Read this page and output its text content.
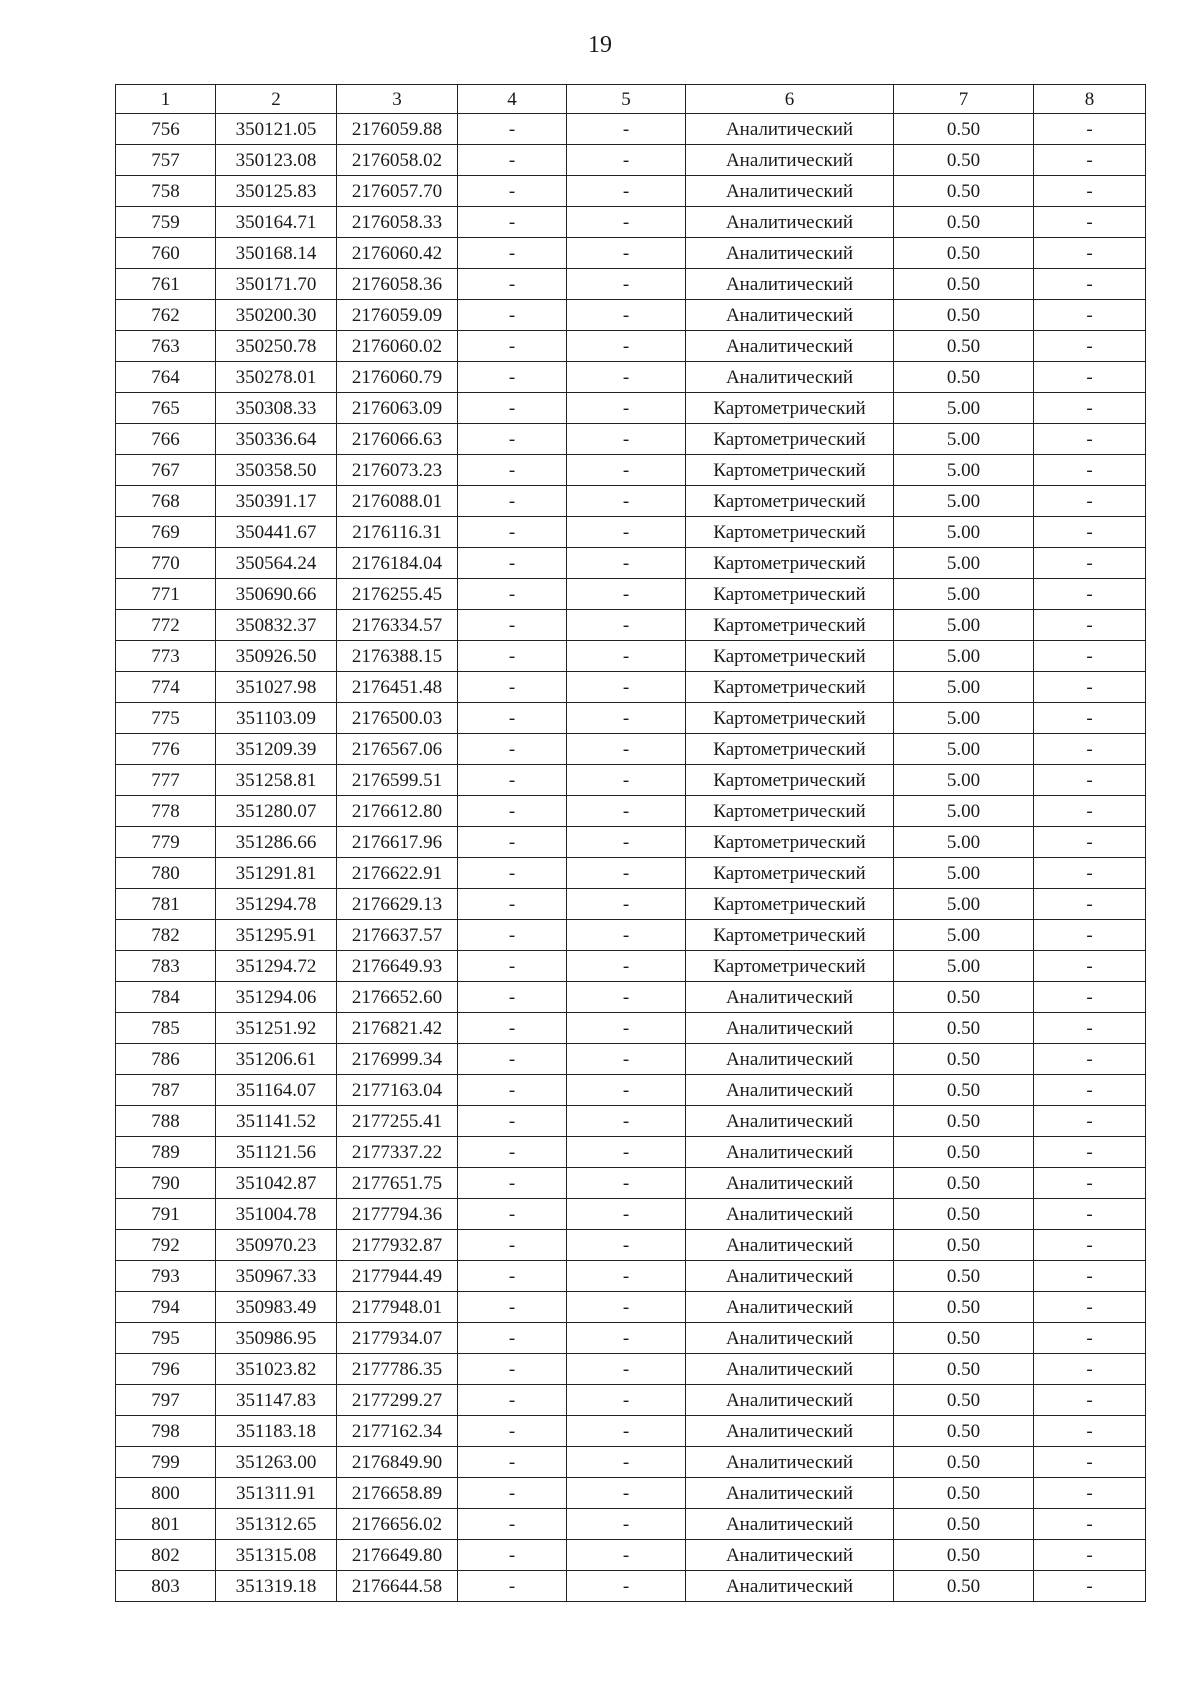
19
1	2	3	4	5	6	7	8
756	350121.05	2176059.88	-	-	Аналитический	0.50	-
757	350123.08	2176058.02	-	-	Аналитический	0.50	-
758	350125.83	2176057.70	-	-	Аналитический	0.50	-
759	350164.71	2176058.33	-	-	Аналитический	0.50	-
760	350168.14	2176060.42	-	-	Аналитический	0.50	-
761	350171.70	2176058.36	-	-	Аналитический	0.50	-
762	350200.30	2176059.09	-	-	Аналитический	0.50	-
763	350250.78	2176060.02	-	-	Аналитический	0.50	-
764	350278.01	2176060.79	-	-	Аналитический	0.50	-
765	350308.33	2176063.09	-	-	Картометрический	5.00	-
766	350336.64	2176066.63	-	-	Картометрический	5.00	-
767	350358.50	2176073.23	-	-	Картометрический	5.00	-
768	350391.17	2176088.01	-	-	Картометрический	5.00	-
769	350441.67	2176116.31	-	-	Картометрический	5.00	-
770	350564.24	2176184.04	-	-	Картометрический	5.00	-
771	350690.66	2176255.45	-	-	Картометрический	5.00	-
772	350832.37	2176334.57	-	-	Картометрический	5.00	-
773	350926.50	2176388.15	-	-	Картометрический	5.00	-
774	351027.98	2176451.48	-	-	Картометрический	5.00	-
775	351103.09	2176500.03	-	-	Картометрический	5.00	-
776	351209.39	2176567.06	-	-	Картометрический	5.00	-
777	351258.81	2176599.51	-	-	Картометрический	5.00	-
778	351280.07	2176612.80	-	-	Картометрический	5.00	-
779	351286.66	2176617.96	-	-	Картометрический	5.00	-
780	351291.81	2176622.91	-	-	Картометрический	5.00	-
781	351294.78	2176629.13	-	-	Картометрический	5.00	-
782	351295.91	2176637.57	-	-	Картометрический	5.00	-
783	351294.72	2176649.93	-	-	Картометрический	5.00	-
784	351294.06	2176652.60	-	-	Аналитический	0.50	-
785	351251.92	2176821.42	-	-	Аналитический	0.50	-
786	351206.61	2176999.34	-	-	Аналитический	0.50	-
787	351164.07	2177163.04	-	-	Аналитический	0.50	-
788	351141.52	2177255.41	-	-	Аналитический	0.50	-
789	351121.56	2177337.22	-	-	Аналитический	0.50	-
790	351042.87	2177651.75	-	-	Аналитический	0.50	-
791	351004.78	2177794.36	-	-	Аналитический	0.50	-
792	350970.23	2177932.87	-	-	Аналитический	0.50	-
793	350967.33	2177944.49	-	-	Аналитический	0.50	-
794	350983.49	2177948.01	-	-	Аналитический	0.50	-
795	350986.95	2177934.07	-	-	Аналитический	0.50	-
796	351023.82	2177786.35	-	-	Аналитический	0.50	-
797	351147.83	2177299.27	-	-	Аналитический	0.50	-
798	351183.18	2177162.34	-	-	Аналитический	0.50	-
799	351263.00	2176849.90	-	-	Аналитический	0.50	-
800	351311.91	2176658.89	-	-	Аналитический	0.50	-
801	351312.65	2176656.02	-	-	Аналитический	0.50	-
802	351315.08	2176649.80	-	-	Аналитический	0.50	-
803	351319.18	2176644.58	-	-	Аналитический	0.50	-
